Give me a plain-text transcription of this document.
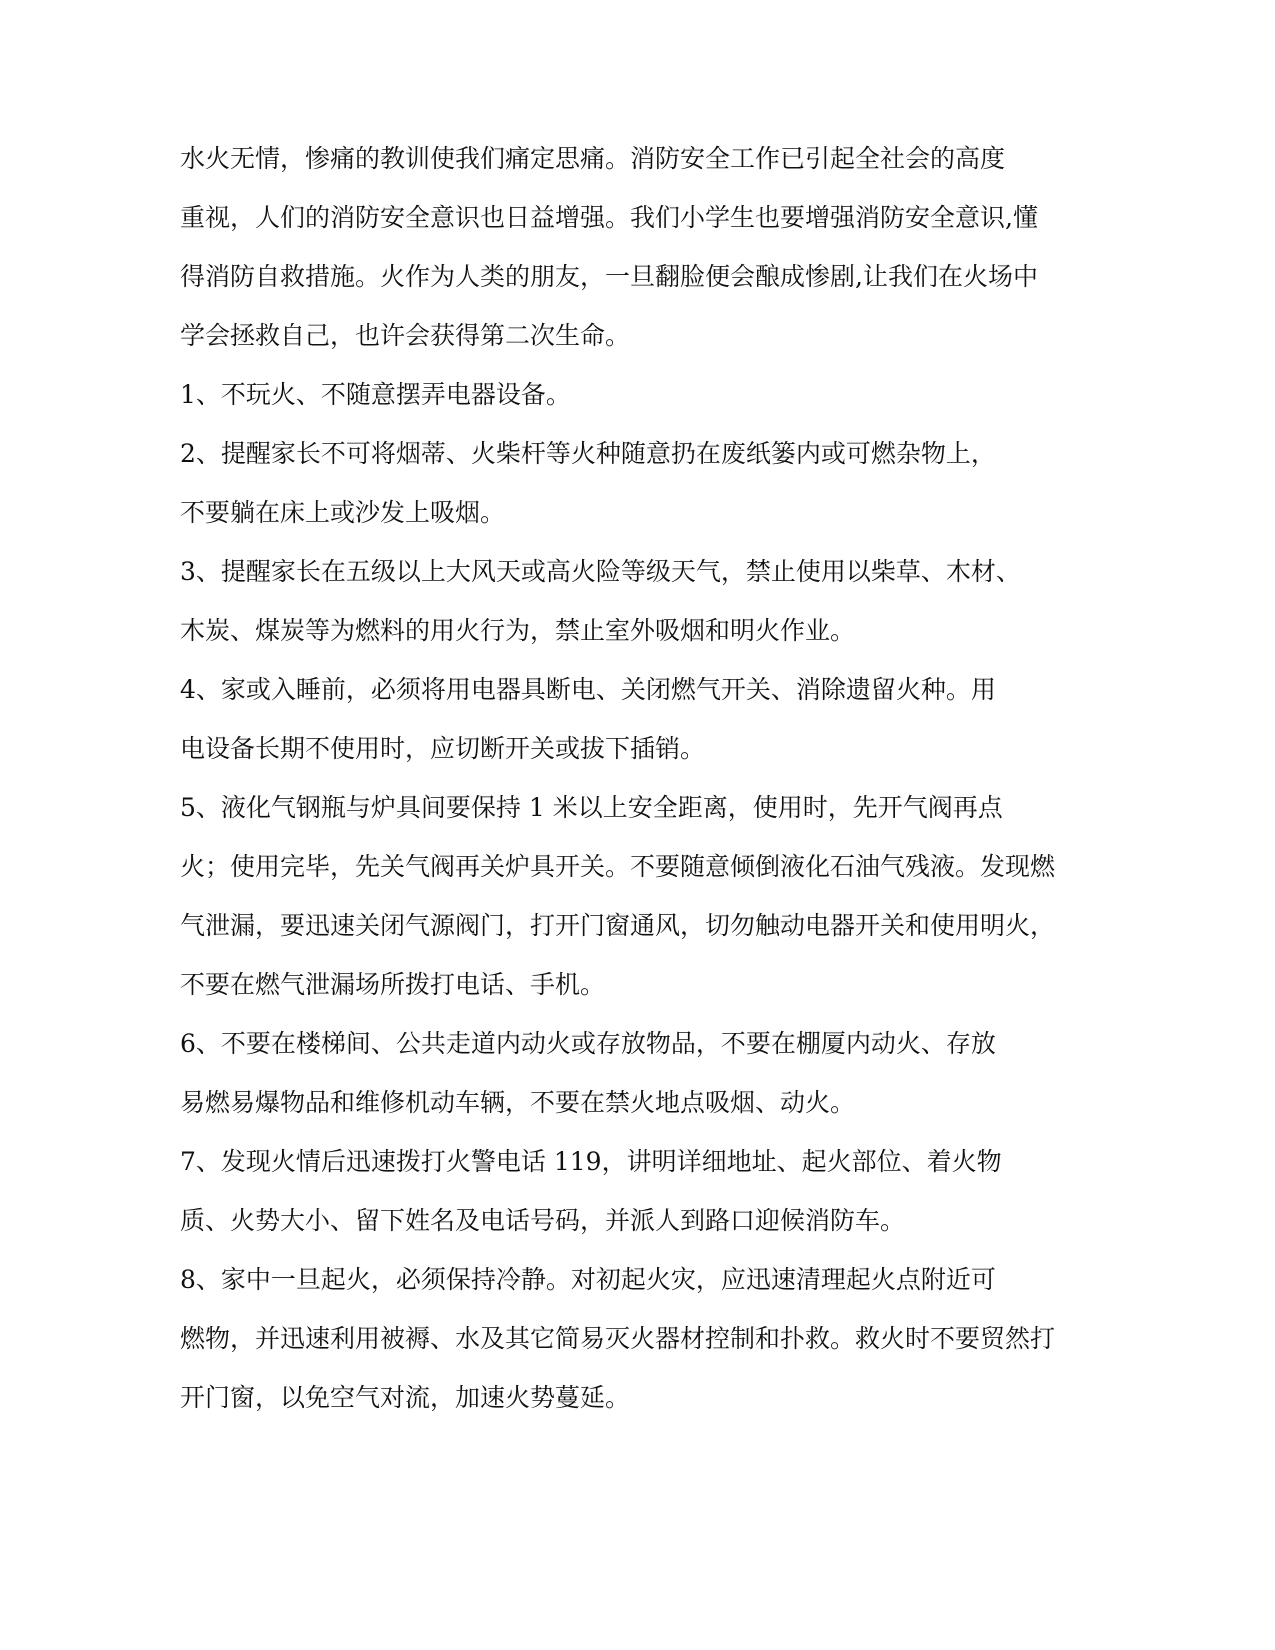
水火无情，惨痛的教训使我们痛定思痛。消防安全工作已引起全社会的高度
重视，人们的消防安全意识也日益增强。我们小学生也要增强消防安全意识,懂
得消防自救措施。火作为人类的朋友，一旦翻脸便会酿成惨剧,让我们在火场中
学会拯救自己，也许会获得第二次生命。
1、不玩火、不随意摆弄电器设备。
2、提醒家长不可将烟蒂、火柴杆等火种随意扔在废纸篓内或可燃杂物上，
不要躺在床上或沙发上吸烟。
3、提醒家长在五级以上大风天或高火险等级天气，禁止使用以柴草、木材、
木炭、煤炭等为燃料的用火行为，禁止室外吸烟和明火作业。
4、家或入睡前，必须将用电器具断电、关闭燃气开关、消除遗留火种。用
电设备长期不使用时，应切断开关或拔下插销。
5、液化气钢瓶与炉具间要保持 1 米以上安全距离，使用时，先开气阀再点
火；使用完毕，先关气阀再关炉具开关。不要随意倾倒液化石油气残液。发现燃
气泄漏，要迅速关闭气源阀门，打开门窗通风，切勿触动电器开关和使用明火，
不要在燃气泄漏场所拨打电话、手机。
6、不要在楼梯间、公共走道内动火或存放物品，不要在棚厦内动火、存放
易燃易爆物品和维修机动车辆，不要在禁火地点吸烟、动火。
7、发现火情后迅速拨打火警电话 119，讲明详细地址、起火部位、着火物
质、火势大小、留下姓名及电话号码，并派人到路口迎候消防车。
8、家中一旦起火，必须保持冷静。对初起火灾，应迅速清理起火点附近可
燃物，并迅速利用被褥、水及其它简易灭火器材控制和扑救。救火时不要贸然打
开门窗，以免空气对流，加速火势蔓延。
